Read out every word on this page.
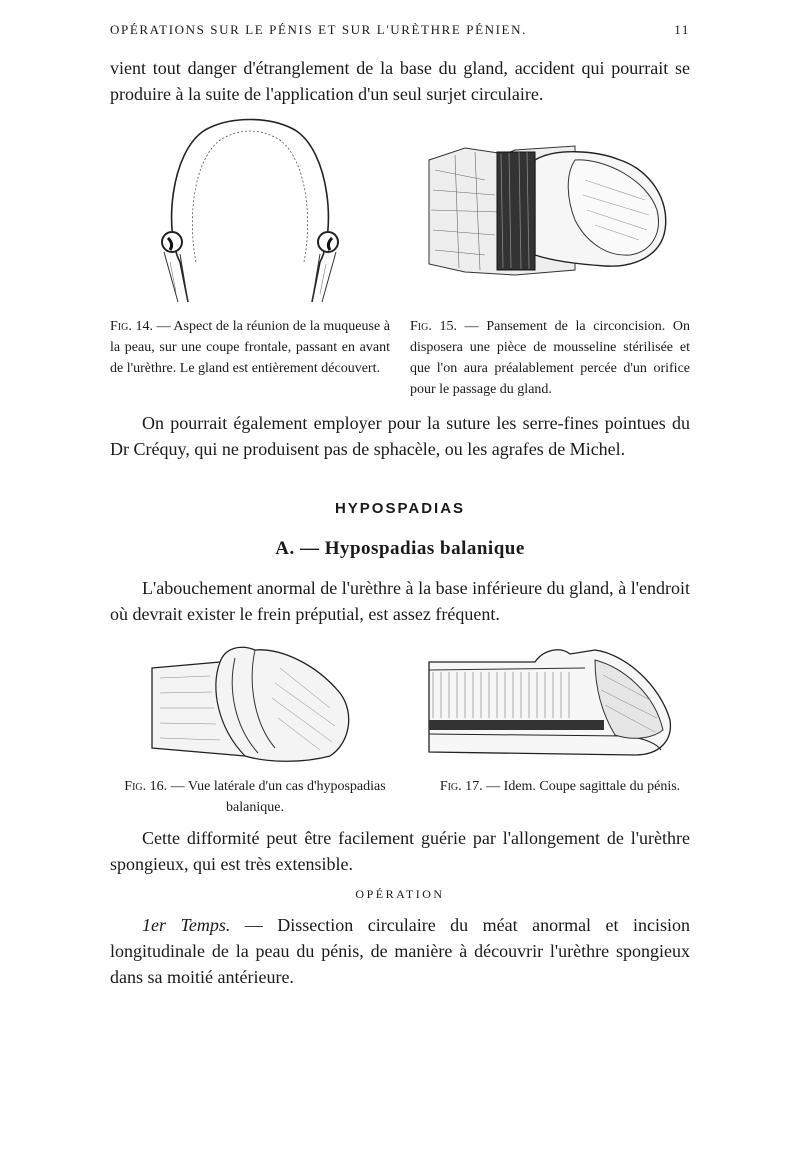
OPÉRATIONS SUR LE PÉNIS ET SUR L'URÈTHRE PÉNIEN.	11
vient tout danger d'étranglement de la base du gland, accident qui pourrait se produire à la suite de l'application d'un seul surjet circulaire.
Fig. 14. — Aspect de la réunion de la muqueuse à la peau, sur une coupe frontale, passant en avant de l'urèthre. Le gland est entièrement découvert.
Fig. 15. — Pansement de la circoncision. On disposera une pièce de mousseline stérilisée et que l'on aura préalablement percée d'un orifice pour le passage du gland.
On pourrait également employer pour la suture les serre-fines pointues du Dr Créquy, qui ne produisent pas de sphacèle, ou les agrafes de Michel.
HYPOSPADIAS
A. — Hypospadias balanique
L'abouchement anormal de l'urèthre à la base inférieure du gland, à l'endroit où devrait exister le frein préputial, est assez fréquent.
Fig. 16. — Vue latérale d'un cas d'hypospadias balanique.
Fig. 17. — Idem. Coupe sagittale du pénis.
Cette difformité peut être facilement guérie par l'allongement de l'urèthre spongieux, qui est très extensible.
OPÉRATION
1er Temps. — Dissection circulaire du méat anormal et incision longitudinale de la peau du pénis, de manière à découvrir l'urèthre spongieux dans sa moitié antérieure.
